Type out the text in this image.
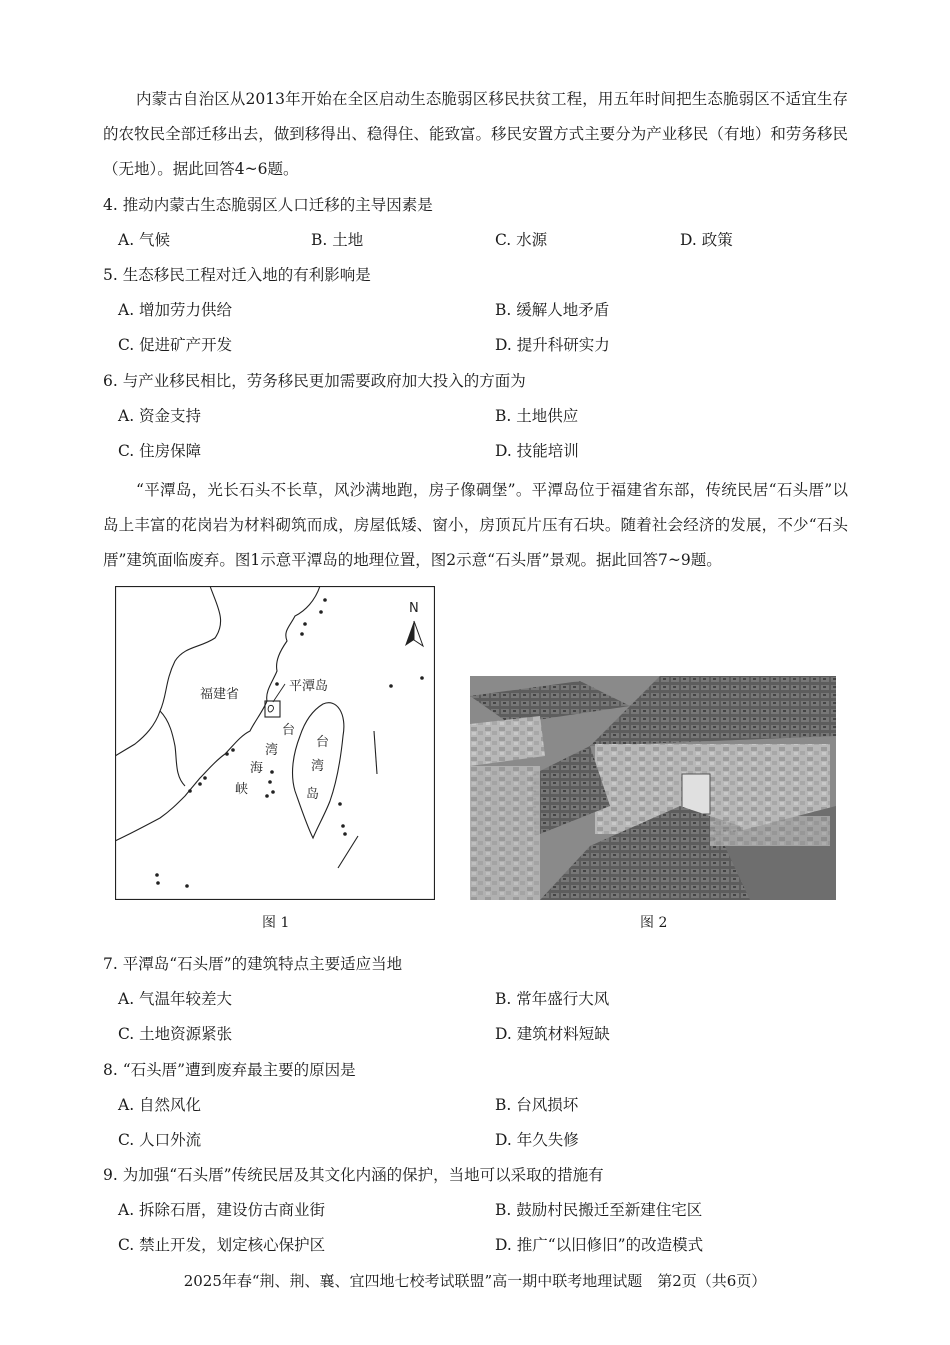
内蒙古自治区从2013年开始在全区启动生态脆弱区移民扶贫工程，用五年时间把生态脆弱区不适宜生存的农牧民全部迁移出去，做到移得出、稳得住、能致富。移民安置方式主要分为产业移民（有地）和劳务移民（无地）。据此回答4~6题。
4. 推动内蒙古生态脆弱区人口迁移的主导因素是
A. 气候	B. 土地	C. 水源	D. 政策
5. 生态移民工程对迁入地的有利影响是
A. 增加劳力供给	B. 缓解人地矛盾
C. 促进矿产开发	D. 提升科研实力
6. 与产业移民相比，劳务移民更加需要政府加大投入的方面为
A. 资金支持	B. 土地供应
C. 住房保障	D. 技能培训
“平潭岛，光长石头不长草，风沙满地跑，房子像碉堡”。平潭岛位于福建省东部，传统民居“石头厝”以岛上丰富的花岗岩为材料砌筑而成，房屋低矮、窗小，房顶瓦片压有石块。随着社会经济的发展，不少“石头厝”建筑面临废弃。图1示意平潭岛的地理位置，图2示意“石头厝”景观。据此回答7~9题。
N
福建省
平潭岛
台
湾
海
峡
台
湾
岛
图 1	图 2
7. 平潭岛“石头厝”的建筑特点主要适应当地
A. 气温年较差大	B. 常年盛行大风
C. 土地资源紧张	D. 建筑材料短缺
8. “石头厝”遭到废弃最主要的原因是
A. 自然风化	B. 台风损坏
C. 人口外流	D. 年久失修
9. 为加强“石头厝”传统民居及其文化内涵的保护，当地可以采取的措施有
A. 拆除石厝，建设仿古商业街	B. 鼓励村民搬迁至新建住宅区
C. 禁止开发，划定核心保护区	D. 推广“以旧修旧”的改造模式
2025年春“荆、荆、襄、宜四地七校考试联盟”高一期中联考地理试题　第2页（共6页）
